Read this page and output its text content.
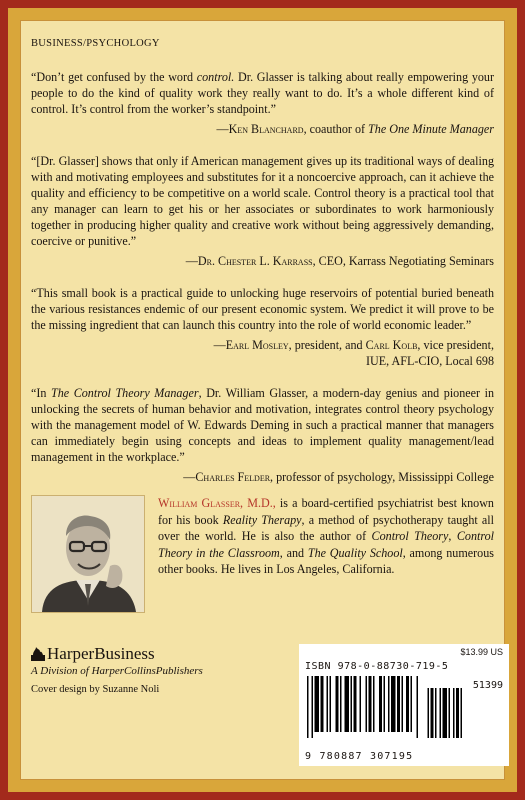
BUSINESS/PSYCHOLOGY
“Don’t get confused by the word control. Dr. Glasser is talking about really empowering your people to do the kind of quality work they really want to do. It’s a whole different kind of control. It’s control from the worker’s standpoint.”
—Ken Blanchard, coauthor of The One Minute Manager
“[Dr. Glasser] shows that only if American management gives up its traditional ways of dealing with and motivating employees and substitutes for it a noncoercive approach, can it achieve the quality and efficiency to be competitive on a world scale. Control theory is a practical tool that any manager can learn to get his or her associates or subordinates to work harmoniously together in producing higher quality and creative work without being aggressively demanding, coercive or punitive.”
—Dr. Chester L. Karrass, CEO, Karrass Negotiating Seminars
“This small book is a practical guide to unlocking huge reservoirs of potential buried beneath the various resistances endemic of our present economic system. We predict it will prove to be the missing ingredient that can launch this country into the role of world economic leader.”
—Earl Mosley, president, and Carl Kolb, vice president,
IUE, AFL-CIO, Local 698
“In The Control Theory Manager, Dr. William Glasser, a modern-day genius and pioneer in unlocking the secrets of human behavior and motivation, integrates control theory psychology with the management model of W. Edwards Deming in such a practical manner that managers can immediately begin using concepts and ideas to implement quality management/lead management in the workplace.”
—Charles Felder, professor of psychology, Mississippi College
William Glasser, M.D., is a board-certified psychiatrist best known for his book Reality Therapy, a method of psychotherapy taught all over the world. He is also the author of Control Theory, Control Theory in the Classroom, and The Quality School, among numerous other books. He lives in Los Angeles, California.
HarperBusiness
A Division of HarperCollinsPublishers
Cover design by Suzanne Noli
$13.99 US
ISBN 978-0-88730-719-5
51399
9 780887 307195
